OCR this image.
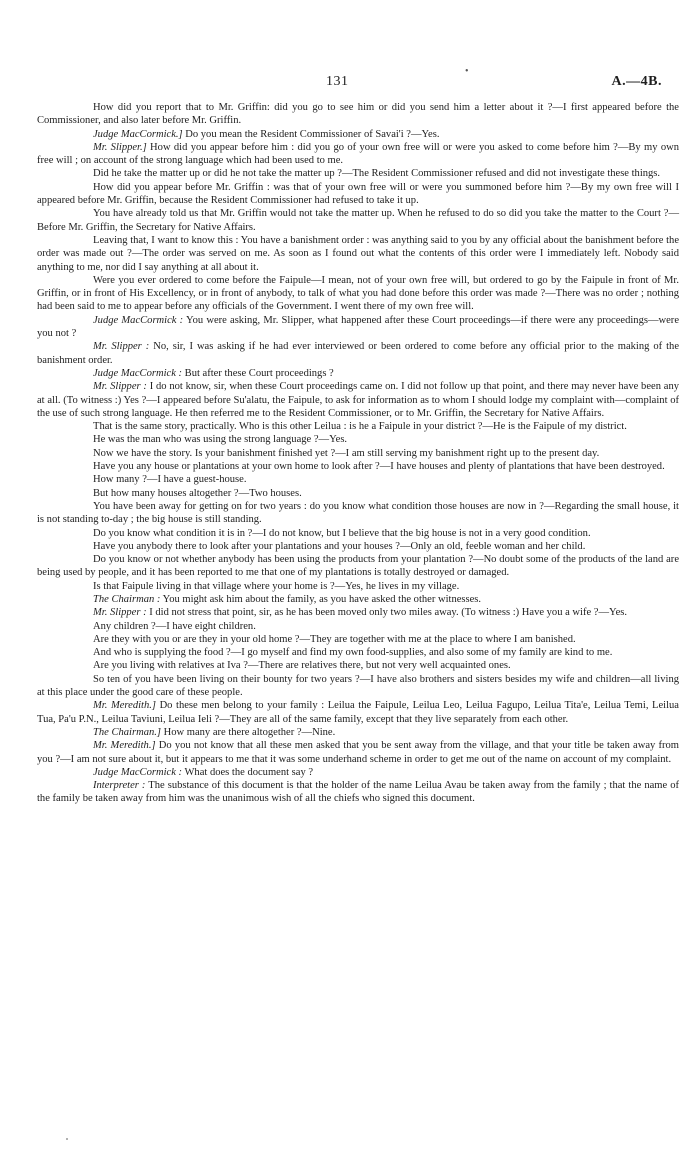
131	A.—4B.
•

How did you report that to Mr. Griffin: did you go to see him or did you send him a letter about it ?—I first appeared before the Commissioner, and also later before Mr. Griffin.

Judge MacCormick.] Do you mean the Resident Commissioner of Savai'i ?—Yes.

Mr. Slipper.] How did you appear before him : did you go of your own free will or were you asked to come before him ?—By my own free will ; on account of the strong language which had been used to me.

Did he take the matter up or did he not take the matter up ?—The Resident Commissioner refused and did not investigate these things.

How did you appear before Mr. Griffin : was that of your own free will or were you summoned before him ?—By my own free will I appeared before Mr. Griffin, because the Resident Commissioner had refused to take it up.

You have already told us that Mr. Griffin would not take the matter up. When he refused to do so did you take the matter to the Court ?—Before Mr. Griffin, the Secretary for Native Affairs.

Leaving that, I want to know this : You have a banishment order : was anything said to you by any official about the banishment before the order was made out ?—The order was served on me. As soon as I found out what the contents of this order were I immediately left. Nobody said anything to me, nor did I say anything at all about it.

Were you ever ordered to come before the Faipule—I mean, not of your own free will, but ordered to go by the Faipule in front of Mr. Griffin, or in front of His Excellency, or in front of anybody, to talk of what you had done before this order was made ?—There was no order ; nothing had been said to me to appear before any officials of the Government. I went there of my own free will.

Judge MacCormick : You were asking, Mr. Slipper, what happened after these Court proceedings—if there were any proceedings—were you not ?

Mr. Slipper : No, sir, I was asking if he had ever interviewed or been ordered to come before any official prior to the making of the banishment order.

Judge MacCormick : But after these Court proceedings ?

Mr. Slipper : I do not know, sir, when these Court proceedings came on. I did not follow up that point, and there may never have been any at all. (To witness :) Yes ?—I appeared before Su'alatu, the Faipule, to ask for information as to whom I should lodge my complaint with—complaint of the use of such strong language. He then referred me to the Resident Commissioner, or to Mr. Griffin, the Secretary for Native Affairs.

That is the same story, practically. Who is this other Leilua : is he a Faipule in your district ?—He is the Faipule of my district.

He was the man who was using the strong language ?—Yes.

Now we have the story. Is your banishment finished yet ?—I am still serving my banishment right up to the present day.

Have you any house or plantations at your own home to look after ?—I have houses and plenty of plantations that have been destroyed.

How many ?—I have a guest-house.

But how many houses altogether ?—Two houses.

You have been away for getting on for two years : do you know what condition those houses are now in ?—Regarding the small house, it is not standing to-day ; the big house is still standing.

Do you know what condition it is in ?—I do not know, but I believe that the big house is not in a very good condition.

Have you anybody there to look after your plantations and your houses ?—Only an old, feeble woman and her child.

Do you know or not whether anybody has been using the products from your plantation ?—No doubt some of the products of the land are being used by people, and it has been reported to me that one of my plantations is totally destroyed or damaged.

Is that Faipule living in that village where your home is ?—Yes, he lives in my village.

The Chairman : You might ask him about the family, as you have asked the other witnesses.

Mr. Slipper : I did not stress that point, sir, as he has been moved only two miles away. (To witness :) Have you a wife ?—Yes.

Any children ?—I have eight children.

Are they with you or are they in your old home ?—They are together with me at the place to where I am banished.

And who is supplying the food ?—I go myself and find my own food-supplies, and also some of my family are kind to me.

Are you living with relatives at Iva ?—There are relatives there, but not very well acquainted ones.

So ten of you have been living on their bounty for two years ?—I have also brothers and sisters besides my wife and children—all living at this place under the good care of these people.

Mr. Meredith.] Do these men belong to your family : Leilua the Faipule, Leilua Leo, Leilua Fagupo, Leilua Tita'e, Leilua Temi, Leilua Tua, Pa'u P.N., Leilua Taviuni, Leilua Ieli ?—They are all of the same family, except that they live separately from each other.

The Chairman.] How many are there altogether ?—Nine.

Mr. Meredith.] Do you not know that all these men asked that you be sent away from the village, and that your title be taken away from you ?—I am not sure about it, but it appears to me that it was some underhand scheme in order to get me out of the name on account of my complaint.

Judge MacCormick : What does the document say ?

Interpreter : The substance of this document is that the holder of the name Leilua Avau be taken away from the family ; that the name of the family be taken away from him was the unanimous wish of all the chiefs who signed this document.
